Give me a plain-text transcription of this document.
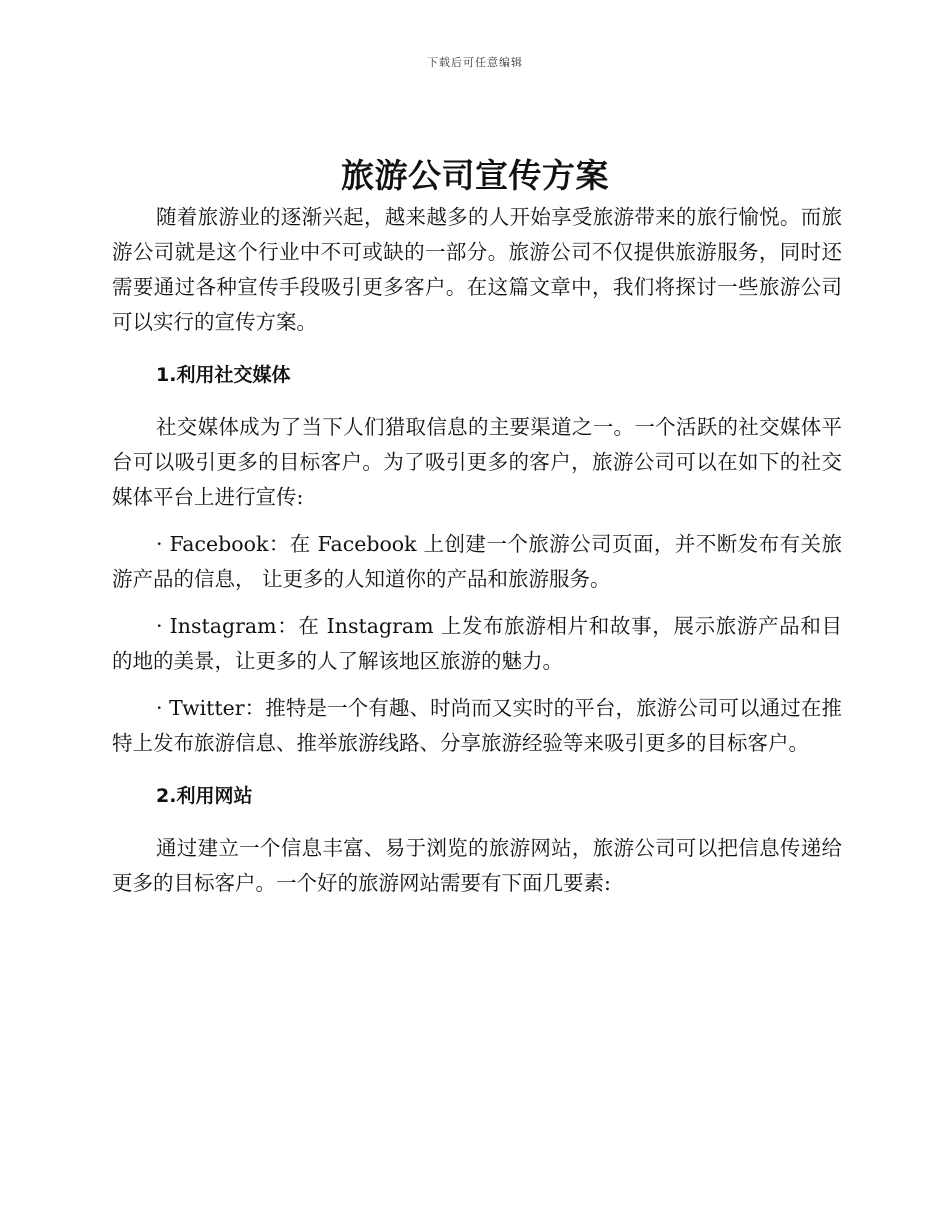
下载后可任意编辑
旅游公司宣传方案

随着旅游业的逐渐兴起，越来越多的人开始享受旅游带来的旅行愉悦。而旅游公司就是这个行业中不可或缺的一部分。旅游公司不仅提供旅游服务，同时还需要通过各种宣传手段吸引更多客户。在这篇文章中，我们将探讨一些旅游公司可以实行的宣传方案。

1.利用社交媒体

社交媒体成为了当下人们猎取信息的主要渠道之一。一个活跃的社交媒体平台可以吸引更多的目标客户。为了吸引更多的客户，旅游公司可以在如下的社交媒体平台上进行宣传:

· Facebook：在 Facebook 上创建一个旅游公司页面，并不断发布有关旅游产品的信息， 让更多的人知道你的产品和旅游服务。

· Instagram：在 Instagram 上发布旅游相片和故事，展示旅游产品和目的地的美景，让更多的人了解该地区旅游的魅力。

· Twitter：推特是一个有趣、时尚而又实时的平台，旅游公司可以通过在推特上发布旅游信息、推举旅游线路、分享旅游经验等来吸引更多的目标客户。

2.利用网站

通过建立一个信息丰富、易于浏览的旅游网站，旅游公司可以把信息传递给更多的目标客户。一个好的旅游网站需要有下面几要素:
